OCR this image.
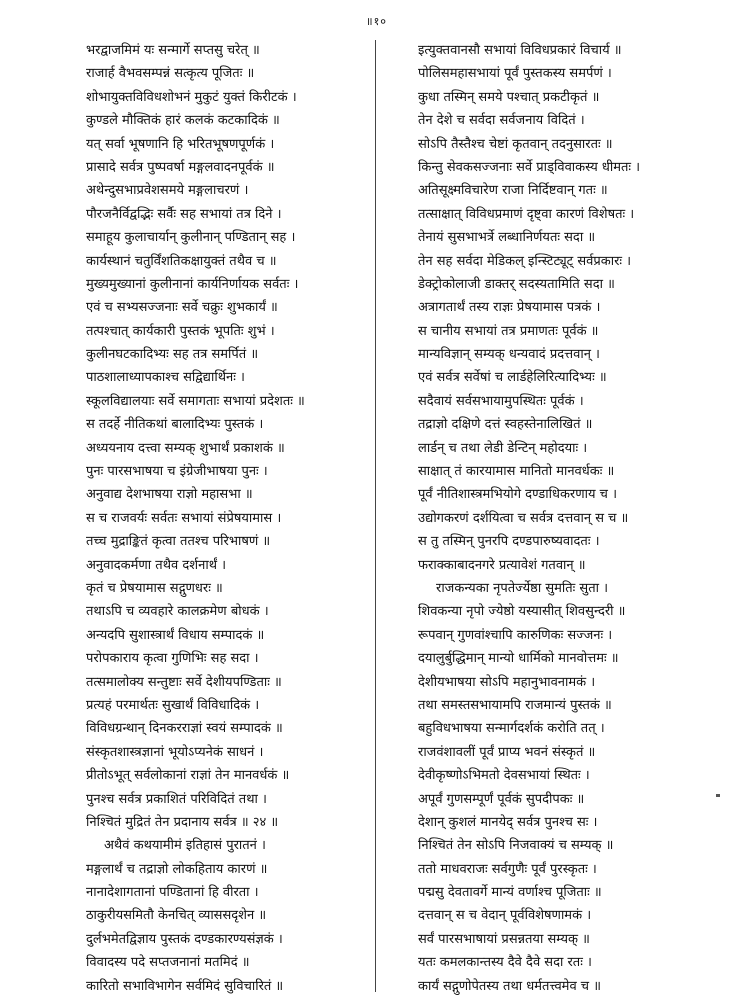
॥१०
भरद्वाजमिमं यः सन्मार्गे सप्तसु चरेत् ॥
राजार्ह वैभवसम्पन्नं सत्कृत्य पूजितः ॥
शोभायुक्तविविधशोभनं मुकुटं युक्तं किरीटकं ।
कुण्डले मौक्तिकं हारं कलकं कटकादिकं ॥
यत् सर्वा भूषणानि हि भरितभूषणपूर्णकं ।
प्रासादे सर्वत्र पुष्पवर्षा मङ्गलवादनपूर्वकं ॥
अथेन्दुसभाप्रवेशसमये मङ्गलाचरणं ।
पौरजनैर्विद्वद्भिः सर्वैः सह सभायां तत्र दिने ।
समाहूय कुलाचार्यान् कुलीनान् पण्डितान् सह ।
कार्यस्थानं चतुर्विंशतिकक्षायुक्तं तथैव च ॥
मुख्यमुख्यानां कुलीनानां कार्यनिर्णायक सर्वतः ।
एवं च सभ्यसज्जनाः सर्वे चक्रुः शुभकार्यं ॥
तत्पश्चात् कार्यकारी पुस्तकं भूपतिः शुभं ।
कुलीनघटकादिभ्यः सह तत्र समर्पितं ॥
पाठशालाध्यापकाश्च सद्विद्यार्थिनः ।
स्कूलविद्यालयाः सर्वे समागताः सभायां प्रदेशतः ॥
स तदर्हे नीतिकथां बालादिभ्यः पुस्तकं ।
अध्ययनाय दत्त्वा सम्यक् शुभार्थं प्रकाशकं ॥
पुनः पारसभाषया च इंग्रेजीभाषया पुनः ।
अनुवाद्य देशभाषया राज्ञो महासभा ॥
स च राजवर्यः सर्वतः सभायां संप्रेषयामास ।
तच्च मुद्राङ्कितं कृत्वा ततश्च परिभाषणं ॥
अनुवादकर्मणा तथैव दर्शनार्थं ।
कृतं च प्रेषयामास सद्गुणधरः ॥
तथाऽपि च व्यवहारे कालक्रमेण बोधकं ।
अन्यदपि सुशास्त्रार्थं विधाय सम्पादकं ॥
परोपकाराय कृत्वा गुणिभिः सह सदा ।
तत्समालोक्य सन्तुष्टाः सर्वे देशीयपण्डिताः ॥
प्रत्यहं परमार्थतः सुखार्थं विविधादिकं ।
विविधग्रन्थान् दिनकरराज्ञां स्वयं सम्पादकं ॥
संस्कृतशास्त्रज्ञानां भूयोऽप्यनेकं साधनं ।
प्रीतोऽभूत् सर्वलोकानां राज्ञां तेन मानवर्धकं ॥
पुनश्च सर्वत्र प्रकाशितं परिविदितं तथा ।
निश्चितं मुद्रितं तेन प्रदानाय सर्वत्र ॥ २४ ॥
अथैवं कथयामीमं इतिहासं पुरातनं ।
मङ्गलार्थं च तद्राज्ञो लोकहिताय कारणं ॥
नानादेशागतानां पण्डितानां हि वीरता ।
ठाकुरीयसमितौ केनचित् व्याससदृशेन ॥
दुर्लभमेतद्विज्ञाय पुस्तकं दण्डकारण्यसंज्ञकं ।
विवादस्य पदे सप्तजनानां मतमिदं ॥
कारितो सभाविभागेन सर्वमिदं सुविचारितं ॥
इत्युक्तवानसौ सभायां विविधप्रकारं विचार्य ॥
पोलिसमहासभायां पूर्वं पुस्तकस्य समर्पणं ।
कुधा तस्मिन् समये पश्चात् प्रकटीकृतं ॥
तेन देशे च सर्वदा सर्वजनाय विदितं ।
सोऽपि तैस्तैश्च चेष्टां कृतवान् तदनुसारतः ॥
किन्तु सेवकसज्जनाः सर्वे प्राड्विवाकस्य धीमतः ।
अतिसूक्ष्मविचारेण राजा निर्दिष्टवान् गतः ॥
तत्साक्षात् विविधप्रमाणं दृष्ट्वा कारणं विशेषतः ।
तेनायं सुसभाभर्त्रे लब्धानिर्णयतः सदा ॥
तेन सह सर्वदा मेडिकल् इन्स्टिट्यूट् सर्वप्रकारः ।
डेक्ट्रोकोलाजी डाक्तर् सदस्यतामिति सदा ॥
अत्रागतार्थं तस्य राज्ञः प्रेषयामास पत्रकं ।
स चानीय सभायां तत्र प्रमाणतः पूर्वकं ॥
मान्यविज्ञान् सम्यक् धन्यवादं प्रदत्तवान् ।
एवं सर्वत्र सर्वेषां च लार्डहेलिरित्यादिभ्यः ॥
सदैवायं सर्वसभायामुपस्थितः पूर्वकं ।
तद्राज्ञो दक्षिणे दत्तं स्वहस्तेनालिखितं ॥
लार्डन् च तथा लेडी डेन्टिन् महोदयाः ।
साक्षात् तं कारयामास मानितो मानवर्धकः ॥
पूर्वं नीतिशास्त्रमभियोगे दण्डाधिकरणाय च ।
उद्योगकरणं दर्शयित्वा च सर्वत्र दत्तवान् स च ॥
स तु तस्मिन् पुनरपि दण्डपारुष्यवादतः ।
फराक्काबादनगरे प्रत्यावेशं गतवान् ॥
राजकन्यका नृपतेर्ज्येष्ठा सुमतिः सुता ।
शिवकन्या नृपो ज्येष्ठो यस्यासीत् शिवसुन्दरी ॥
रूपवान् गुणवांश्चापि कारुणिकः सज्जनः ।
दयालुर्बुद्धिमान् मान्यो धार्मिको मानवोत्तमः ॥
देशीयभाषया सोऽपि महानुभावनामकं ।
तथा समस्तसभायामपि राजमान्यं पुस्तकं ॥
बहुविधभाषया सन्मार्गदर्शकं करोति तत् ।
राजवंशावलीं पूर्वं प्राप्य भवनं संस्कृतं ॥
देवीकृष्णोऽभिमतो देवसभायां स्थितः ।
अपूर्वं गुणसम्पूर्णं पूर्वकं सुपदीपकः ॥
देशान् कुशलं मानयेद् सर्वत्र पुनश्च सः ।
निश्चितं तेन सोऽपि निजवाक्यं च सम्यक् ॥
ततो माधवराजः सर्वगुणैः पूर्वं पुरस्कृतः ।
पद्मसु देवतावर्गे मान्यं वर्णाश्च पूजिताः ॥
दत्तवान् स च वेदान् पूर्वविशेषणामकं ।
सर्वं पारसभाषायां प्रसन्नतया सम्यक् ॥
यतः कमलकान्तस्य दैवे दैवे सदा रतः ।
कार्यं सद्गुणोपेतस्य तथा धर्मतत्त्वमेव च ॥
